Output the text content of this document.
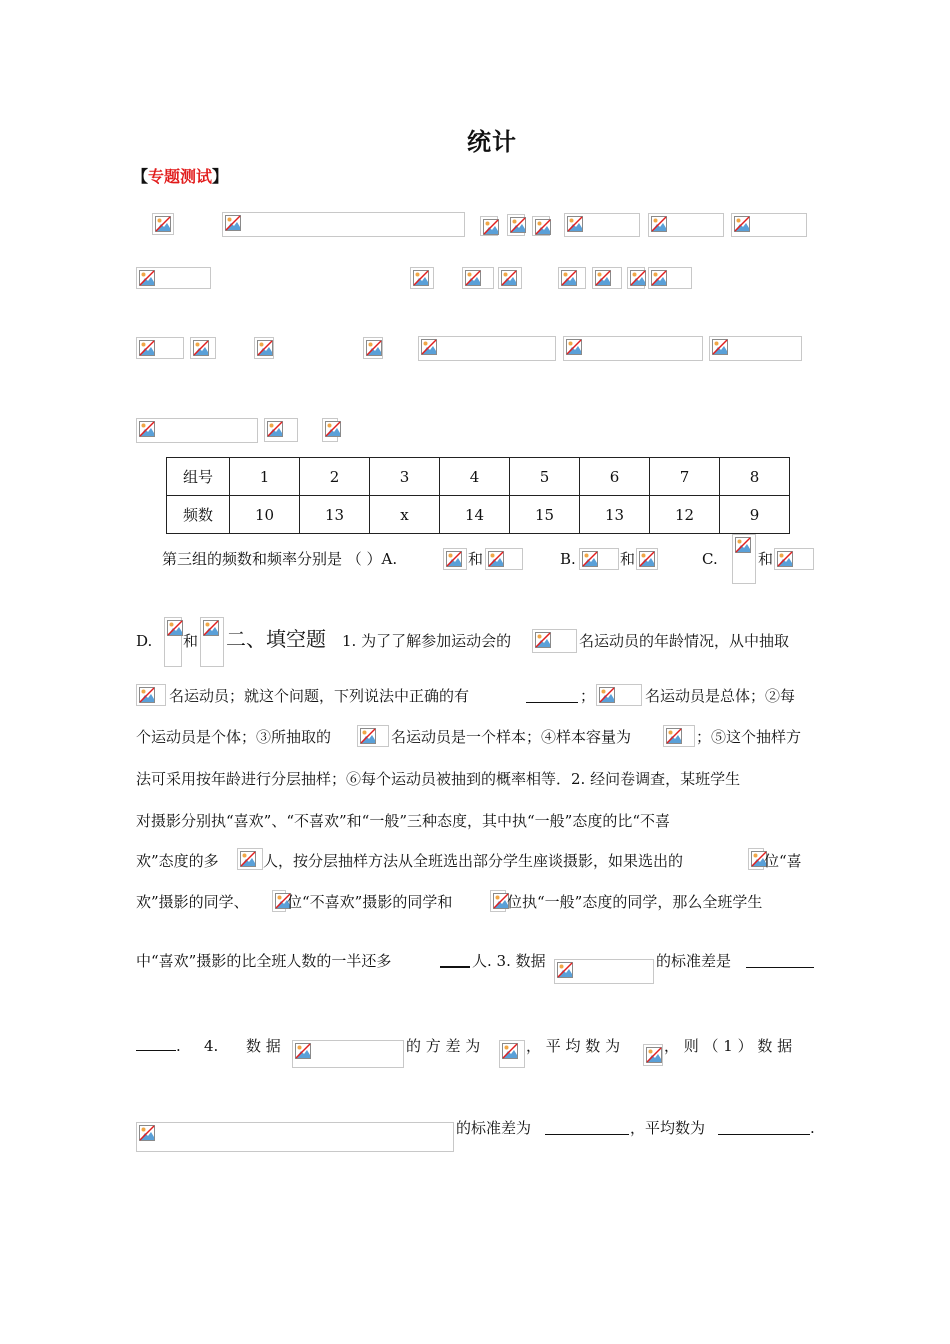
统计
【专题测试】
组号	1	2	3	4	5	6	7	8
频数	10	13	x	14	15	13	12	9
第三组的频数和频率分别是 （ ）A.	和	B.	和	C.	和
D. 和 二、填空题 1. 为了了解参加运动会的	名运动员的年龄情况，从中抽取
名运动员；就这个问题，下列说法中正确的有	；	名运动员是总体；②每
个运动员是个体；③所抽取的	名运动员是一个样本；④样本容量为	；⑤这个抽样方
法可采用按年龄进行分层抽样；⑥每个运动员被抽到的概率相等．2. 经问卷调查，某班学生
对摄影分别执“喜欢”、“不喜欢”和“一般”三种态度，其中执“一般”态度的比“不喜
欢”态度的多	人，按分层抽样方法从全班选出部分学生座谈摄影，如果选出的	位“喜
欢”摄影的同学、	位“不喜欢”摄影的同学和	位执“一般”态度的同学，那么全班学生
中“喜欢”摄影的比全班人数的一半还多	人. 3. 数据	的标准差是
. 4. 数 据	的 方 差 为	， 平 均 数 为	， 则 （ 1 ） 数 据
的标准差为	，平均数为	.
